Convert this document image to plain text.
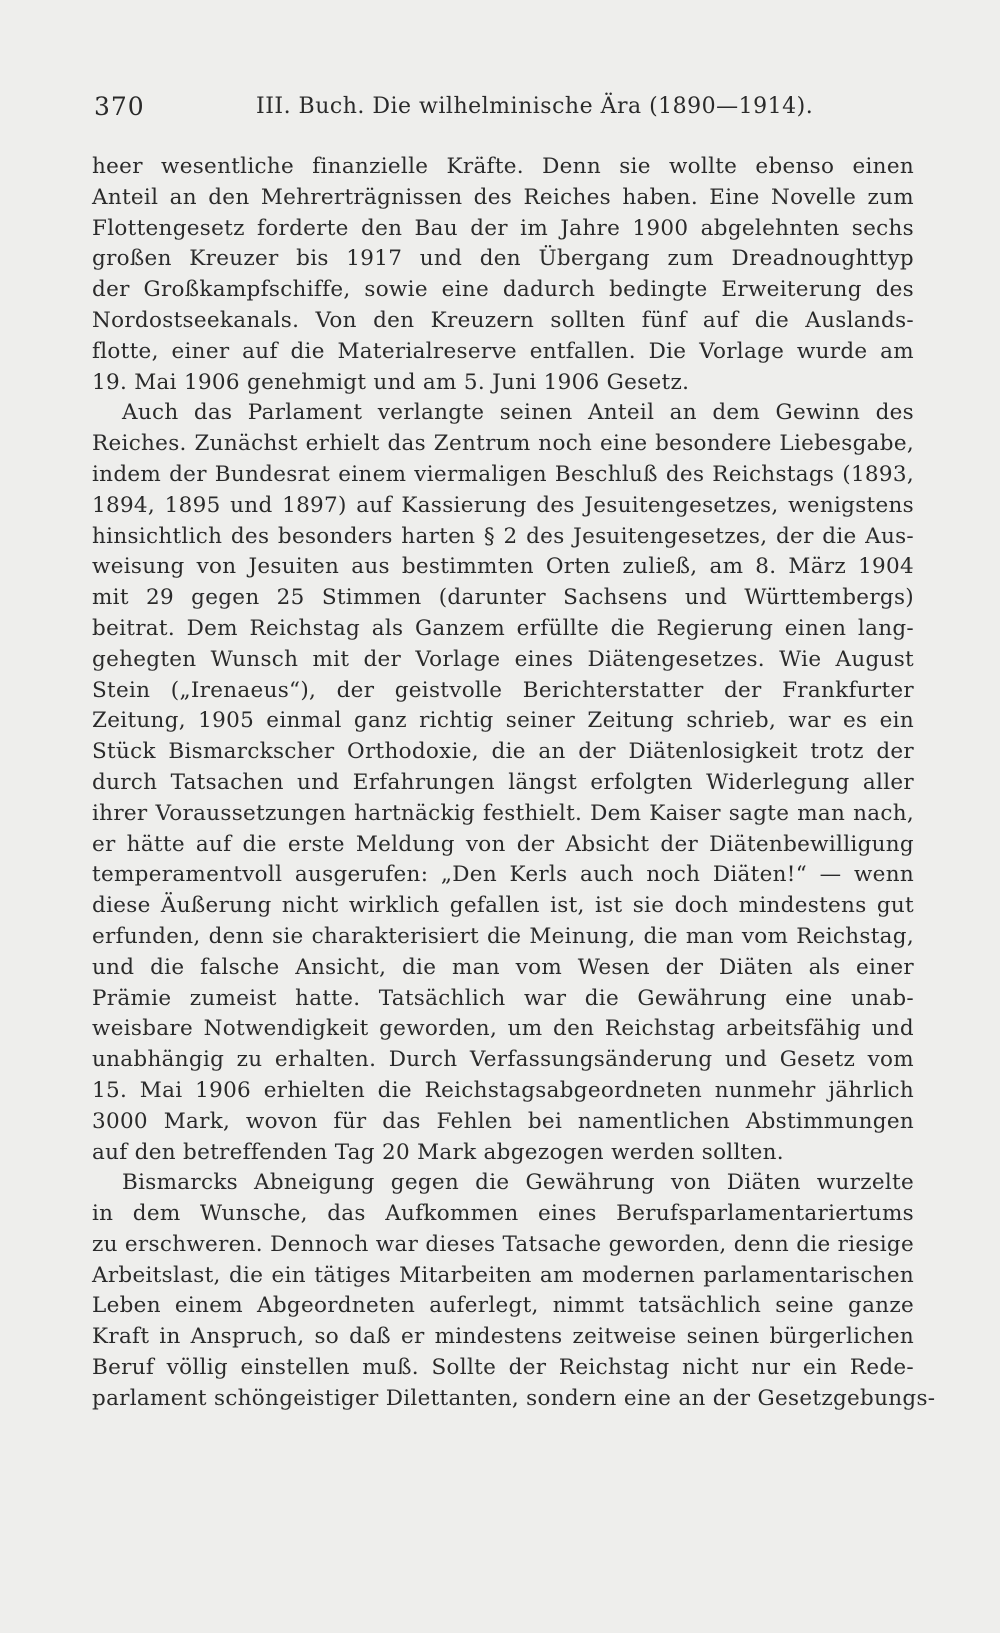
370	III. Buch. Die wilhelminische Ära (1890—1914).
heer wesentliche finanzielle Kräfte. Denn sie wollte ebenso einen
Anteil an den Mehrerträgnissen des Reiches haben. Eine Novelle zum
Flottengesetz forderte den Bau der im Jahre 1900 abgelehnten sechs
großen Kreuzer bis 1917 und den Übergang zum Dreadnoughttyp
der Großkampfschiffe, sowie eine dadurch bedingte Erweiterung des
Nordostseekanals. Von den Kreuzern sollten fünf auf die Auslands-
flotte, einer auf die Materialreserve entfallen. Die Vorlage wurde am
19. Mai 1906 genehmigt und am 5. Juni 1906 Gesetz.
Auch das Parlament verlangte seinen Anteil an dem Gewinn des
Reiches. Zunächst erhielt das Zentrum noch eine besondere Liebesgabe,
indem der Bundesrat einem viermaligen Beschluß des Reichstags (1893,
1894, 1895 und 1897) auf Kassierung des Jesuitengesetzes, wenigstens
hinsichtlich des besonders harten § 2 des Jesuitengesetzes, der die Aus-
weisung von Jesuiten aus bestimmten Orten zuließ, am 8. März 1904
mit 29 gegen 25 Stimmen (darunter Sachsens und Württembergs)
beitrat. Dem Reichstag als Ganzem erfüllte die Regierung einen lang-
gehegten Wunsch mit der Vorlage eines Diätengesetzes. Wie August
Stein („Irenaeus“), der geistvolle Berichterstatter der Frankfurter
Zeitung, 1905 einmal ganz richtig seiner Zeitung schrieb, war es ein
Stück Bismarckscher Orthodoxie, die an der Diätenlosigkeit trotz der
durch Tatsachen und Erfahrungen längst erfolgten Widerlegung aller
ihrer Voraussetzungen hartnäckig festhielt. Dem Kaiser sagte man nach,
er hätte auf die erste Meldung von der Absicht der Diätenbewilligung
temperamentvoll ausgerufen: „Den Kerls auch noch Diäten!“ — wenn
diese Äußerung nicht wirklich gefallen ist, ist sie doch mindestens gut
erfunden, denn sie charakterisiert die Meinung, die man vom Reichstag,
und die falsche Ansicht, die man vom Wesen der Diäten als einer
Prämie zumeist hatte. Tatsächlich war die Gewährung eine unab-
weisbare Notwendigkeit geworden, um den Reichstag arbeitsfähig und
unabhängig zu erhalten. Durch Verfassungsänderung und Gesetz vom
15. Mai 1906 erhielten die Reichstagsabgeordneten nunmehr jährlich
3000 Mark, wovon für das Fehlen bei namentlichen Abstimmungen
auf den betreffenden Tag 20 Mark abgezogen werden sollten.
Bismarcks Abneigung gegen die Gewährung von Diäten wurzelte
in dem Wunsche, das Aufkommen eines Berufsparlamentariertums
zu erschweren. Dennoch war dieses Tatsache geworden, denn die riesige
Arbeitslast, die ein tätiges Mitarbeiten am modernen parlamentarischen
Leben einem Abgeordneten auferlegt, nimmt tatsächlich seine ganze
Kraft in Anspruch, so daß er mindestens zeitweise seinen bürgerlichen
Beruf völlig einstellen muß. Sollte der Reichstag nicht nur ein Rede-
parlament schöngeistiger Dilettanten, sondern eine an der Gesetzgebungs-
